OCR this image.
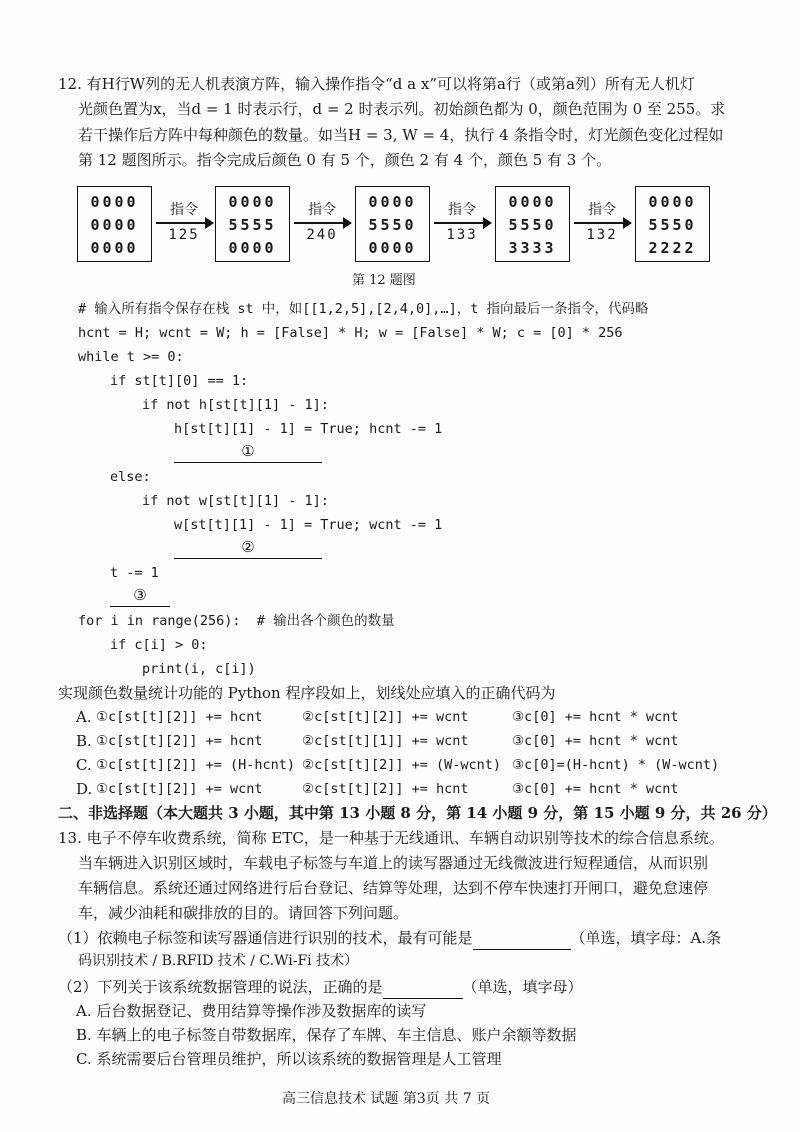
12. 有H行W列的无人机表演方阵，输入操作指令“d a x”可以将第a行（或第a列）所有无人机灯
光颜色置为x，当d = 1 时表示行，d = 2 时表示列。初始颜色都为 0，颜色范围为 0 至 255。求
若干操作后方阵中每种颜色的数量。如当H = 3, W = 4，执行 4 条指令时，灯光颜色变化过程如
第 12 题图所示。指令完成后颜色 0 有 5 个，颜色 2 有 4 个，颜色 5 有 3 个。
0000
0000
0000
指令
125
0000
5555
0000
指令
240
0000
5550
0000
指令
133
0000
5550
3333
指令
132
0000
5550
2222
第 12 题图
# 输入所有指令保存在栈 st 中，如[[1,2,5],[2,4,0],…]，t 指向最后一条指令，代码略
hcnt = H; wcnt = W; h = [False] * H; w = [False] * W; c = [0] * 256
while t >= 0:
if st[t][0] == 1:
if not h[st[t][1] - 1]:
h[st[t][1] - 1] = True; hcnt -= 1
①
else:
if not w[st[t][1] - 1]:
w[st[t][1] - 1] = True; wcnt -= 1
②
t -= 1
③
for i in range(256):  # 输出各个颜色的数量
if c[i] > 0:
print(i, c[i])
实现颜色数量统计功能的 Python 程序段如上，划线处应填入的正确代码为
A. ①c[st[t][2]] += hcnt	②c[st[t][2]] += wcnt	③c[0] += hcnt * wcnt
B. ①c[st[t][2]] += hcnt	②c[st[t][1]] += wcnt	③c[0] += hcnt * wcnt
C. ①c[st[t][2]] += (H-hcnt) ②c[st[t][2]] += (W-wcnt) ③c[0]=(H-hcnt) * (W-wcnt)
D. ①c[st[t][2]] += wcnt	②c[st[t][2]] += hcnt	③c[0] += hcnt * wcnt
二、非选择题（本大题共 3 小题，其中第 13 小题 8 分，第 14 小题 9 分，第 15 小题 9 分，共 26 分）
13. 电子不停车收费系统，简称 ETC，是一种基于无线通讯、车辆自动识别等技术的综合信息系统。
当车辆进入识别区域时，车载电子标签与车道上的读写器通过无线微波进行短程通信，从而识别
车辆信息。系统还通过网络进行后台登记、结算等处理，达到不停车快速打开闸口，避免怠速停
车，减少油耗和碳排放的目的。请回答下列问题。
（1）依赖电子标签和读写器通信进行识别的技术，最有可能是	（单选，填字母：A.条
码识别技术 / B.RFID 技术 / C.Wi-Fi 技术）
（2）下列关于该系统数据管理的说法，正确的是	（单选，填字母）
A. 后台数据登记、费用结算等操作涉及数据库的读写
B. 车辆上的电子标签自带数据库，保存了车牌、车主信息、账户余额等数据
C. 系统需要后台管理员维护，所以该系统的数据管理是人工管理
高三信息技术 试题 第3页 共 7 页
